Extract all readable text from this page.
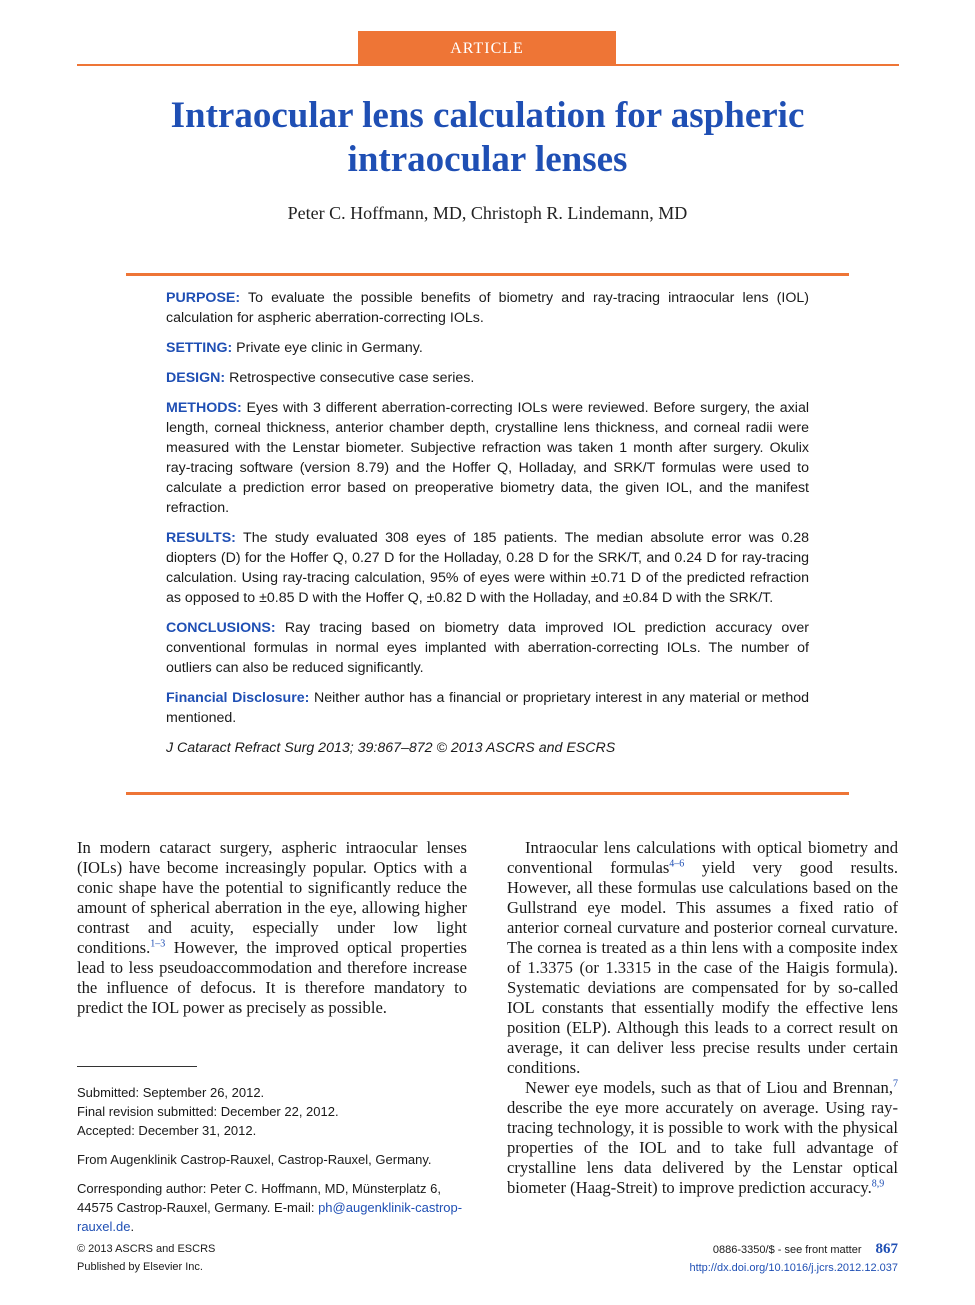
ARTICLE
Intraocular lens calculation for aspheric
intraocular lenses
Peter C. Hoffmann, MD, Christoph R. Lindemann, MD

PURPOSE: To evaluate the possible benefits of biometry and ray-tracing intraocular lens (IOL) calculation for aspheric aberration-correcting IOLs.

SETTING: Private eye clinic in Germany.

DESIGN: Retrospective consecutive case series.

METHODS: Eyes with 3 different aberration-correcting IOLs were reviewed. Before surgery, the axial length, corneal thickness, anterior chamber depth, crystalline lens thickness, and corneal radii were measured with the Lenstar biometer. Subjective refraction was taken 1 month after surgery. Okulix ray-tracing software (version 8.79) and the Hoffer Q, Holladay, and SRK/T formulas were used to calculate a prediction error based on preoperative biometry data, the given IOL, and the manifest refraction.

RESULTS: The study evaluated 308 eyes of 185 patients. The median absolute error was 0.28 diopters (D) for the Hoffer Q, 0.27 D for the Holladay, 0.28 D for the SRK/T, and 0.24 D for ray-tracing calculation. Using ray-tracing calculation, 95% of eyes were within ±0.71 D of the predicted refraction as opposed to ±0.85 D with the Hoffer Q, ±0.82 D with the Holladay, and ±0.84 D with the SRK/T.

CONCLUSIONS: Ray tracing based on biometry data improved IOL prediction accuracy over conventional formulas in normal eyes implanted with aberration-correcting IOLs. The number of outliers can also be reduced significantly.

Financial Disclosure: Neither author has a financial or proprietary interest in any material or method mentioned.

J Cataract Refract Surg 2013; 39:867–872 © 2013 ASCRS and ESCRS

In modern cataract surgery, aspheric intraocular lenses (IOLs) have become increasingly popular. Optics with a conic shape have the potential to significantly reduce the amount of spherical aberration in the eye, allowing higher contrast and acuity, especially under low light conditions.$^{1-3}$ However, the improved optical properties lead to less pseudoaccommodation and therefore increase the influence of defocus. It is therefore mandatory to predict the IOL power as precisely as possible.

Intraocular lens calculations with optical biometry and conventional formulas$^{4-6}$ yield very good results. However, all these formulas use calculations based on the Gullstrand eye model. This assumes a fixed ratio of anterior corneal curvature and posterior corneal curvature. The cornea is treated as a thin lens with a composite index of 1.3375 (or 1.3315 in the case of the Haigis formula). Systematic deviations are compensated for by so-called IOL constants that essentially modify the effective lens position (ELP). Although this leads to a correct result on average, it can deliver less precise results under certain conditions.

Newer eye models, such as that of Liou and Brennan,$^7$ describe the eye more accurately on average. Using ray-tracing technology, it is possible to work with the physical properties of the IOL and to take full advantage of crystalline lens data delivered by the Lenstar optical biometer (Haag-Streit) to improve prediction accuracy.$^{8,9}$

Submitted: September 26, 2012.

Final revision submitted: December 22, 2012.

Accepted: December 31, 2012.

From Augenklinik Castrop-Rauxel, Castrop-Rauxel, Germany.

Corresponding author: Peter C. Hoffmann, MD, Münsterplatz 6, 44575 Castrop-Rauxel, Germany. E-mail: ph@augenklinik-castrop-rauxel.de.

© 2013 ASCRS and ESCRS
Published by Elsevier Inc.
0886-3350/$ - see front matter 867
http://dx.doi.org/10.1016/j.jcrs.2012.12.037
